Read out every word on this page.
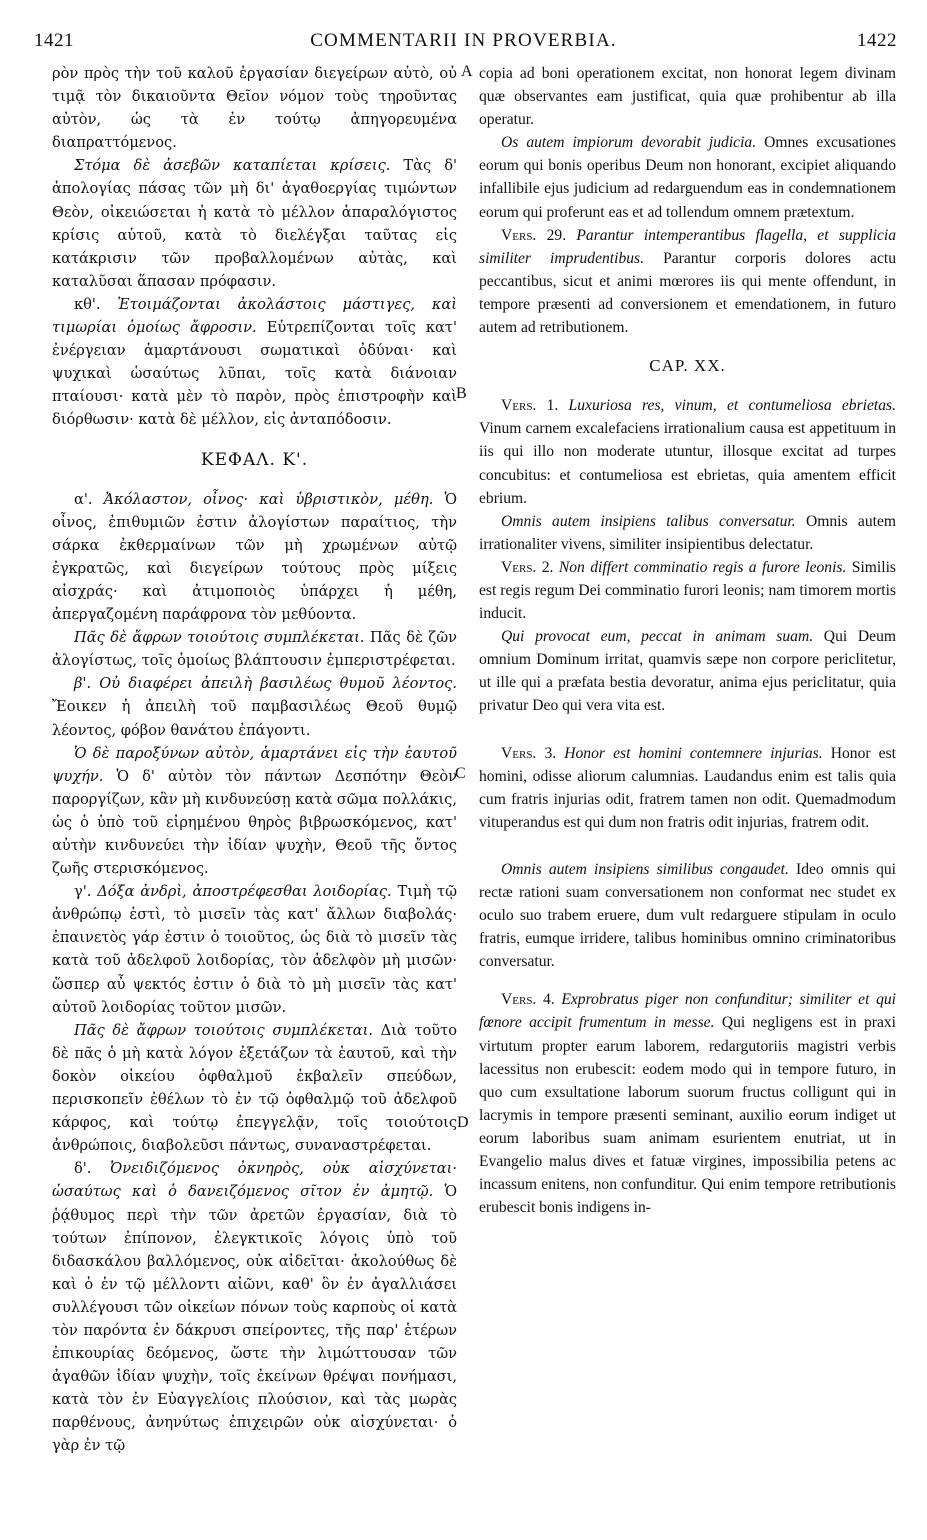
1421	COMMENTARII IN PROVERBIA.	1422
A
B
C
D

ρὸν πρὸς τὴν τοῦ καλοῦ ἐργασίαν διεγείρων αὐτὸ, οὐ τιμᾷ τὸν δικαιοῦντα Θεῖον νόμον τοὺς τηροῦντας αὐτὸν, ὡς τὰ ἐν τούτῳ ἀπηγορευμένα διαπραττόμενος.

Στόμα δὲ ἀσεβῶν καταπίεται κρίσεις. Τὰς δ' ἀπολογίας πάσας τῶν μὴ δι' ἀγαθοεργίας τιμώντων Θεὸν, οἰκειώσεται ἡ κατὰ τὸ μέλλον ἀπαραλόγιστος κρίσις αὐτοῦ, κατὰ τὸ διελέγξαι ταῦτας εἰς κατάκρισιν τῶν προβαλλομένων αὐτὰς, καὶ καταλῦσαι ἅπασαν πρόφασιν.

κθ'. Ἑτοιμάζονται ἀκολάστοις μάστιγες, καὶ τιμωρίαι ὁμοίως ἄφροσιν. Εὐτρεπίζονται τοῖς κατ' ἐνέργειαν ἁμαρτάνουσι σωματικαὶ ὀδύναι· καὶ ψυχικαὶ ὡσαύτως λῦπαι, τοῖς κατὰ διάνοιαν πταίουσι· κατὰ μὲν τὸ παρὸν, πρὸς ἐπιστροφὴν καὶ διόρθωσιν· κατὰ δὲ μέλλον, εἰς ἀνταπόδοσιν.

ΚΕΦΑΛ. Κ'.

α'. Ἀκόλαστον, οἶνος· καὶ ὑβριστικὸν, μέθη. Ὁ οἶνος, ἐπιθυμιῶν ἐστιν ἀλογίστων παραίτιος, τὴν σάρκα ἐκθερμαίνων τῶν μὴ χρωμένων αὐτῷ ἐγκρατῶς, καὶ διεγείρων τούτους πρὸς μίξεις αἰσχράς· καὶ ἀτιμοποιὸς ὑπάρχει ἡ μέθη, ἀπεργαζομένη παράφρονα τὸν μεθύοντα.

Πᾶς δὲ ἄφρων τοιούτοις συμπλέκεται. Πᾶς δὲ ζῶν ἀλογίστως, τοῖς ὁμοίως βλάπτουσιν ἐμπεριστρέφεται.

β'. Οὐ διαφέρει ἀπειλὴ βασιλέως θυμοῦ λέοντος. Ἔοικεν ἡ ἀπειλὴ τοῦ παμβασιλέως Θεοῦ θυμῷ λέοντος, φόβον θανάτου ἐπάγοντι.

Ὁ δὲ παροξύνων αὐτὸν, ἁμαρτάνει εἰς τὴν ἑαυτοῦ ψυχήν. Ὁ δ' αὐτὸν τὸν πάντων Δεσπότην Θεὸν παροργίζων, κἂν μὴ κινδυνεύσῃ κατὰ σῶμα πολλάκις, ὡς ὁ ὑπὸ τοῦ εἰρημένου θηρὸς βιβρωσκόμενος, κατ' αὐτὴν κινδυνεύει τὴν ἰδίαν ψυχὴν, Θεοῦ τῆς ὄντος ζωῆς στερισκόμενος.

γ'. Δόξα ἀνδρὶ, ἀποστρέφεσθαι λοιδορίας. Τιμὴ τῷ ἀνθρώπῳ ἐστὶ, τὸ μισεῖν τὰς κατ' ἄλλων διαβολάς· ἐπαινετὸς γάρ ἐστιν ὁ τοιοῦτος, ὡς διὰ τὸ μισεῖν τὰς κατὰ τοῦ ἀδελφοῦ λοιδορίας, τὸν ἀδελφὸν μὴ μισῶν· ὥσπερ αὖ ψεκτός ἐστιν ὁ διὰ τὸ μὴ μισεῖν τὰς κατ' αὐτοῦ λοιδορίας τοῦτον μισῶν.

Πᾶς δὲ ἄφρων τοιούτοις συμπλέκεται. Διὰ τοῦτο δὲ πᾶς ὁ μὴ κατὰ λόγον ἐξετάζων τὰ ἑαυτοῦ, καὶ τὴν δοκὸν οἰκείου ὀφθαλμοῦ ἐκβαλεῖν σπεύδων, περισκοπεῖν ἐθέλων τὸ ἐν τῷ ὀφθαλμῷ τοῦ ἀδελφοῦ κάρφος, καὶ τούτῳ ἐπεγγελᾷν, τοῖς τοιούτοις ἀνθρώποις, διαβολεῦσι πάντως, συναναστρέφεται.

δ'. Ὀνειδιζόμενος ὀκνηρὸς, οὐκ αἰσχύνεται· ὡσαύτως καὶ ὁ δανειζόμενος σῖτον ἐν ἀμητῷ. Ὁ ῥᾴθυμος περὶ τὴν τῶν ἀρετῶν ἐργασίαν, διὰ τὸ τούτων ἐπίπονον, ἐλεγκτικοῖς λόγοις ὑπὸ τοῦ διδασκάλου βαλλόμενος, οὐκ αἰδεῖται· ἀκολούθως δὲ καὶ ὁ ἐν τῷ μέλλοντι αἰῶνι, καθ' ὃν ἐν ἀγαλλιάσει συλλέγουσι τῶν οἰκείων πόνων τοὺς καρποὺς οἱ κατὰ τὸν παρόντα ἐν δάκρυσι σπείροντες, τῆς παρ' ἑτέρων ἐπικουρίας δεόμενος, ὥστε τὴν λιμώττουσαν τῶν ἀγαθῶν ἰδίαν ψυχὴν, τοῖς ἐκείνων θρέψαι πονήμασι, κατὰ τὸν ἐν Εὐαγγελίοις πλούσιον, καὶ τὰς μωρὰς παρθένους, ἀνηνύτως ἐπιχειρῶν οὐκ αἰσχύνεται· ὁ γὰρ ἐν τῷ

copia ad boni operationem excitat, non honorat legem divinam quæ observantes eam justificat, quia quæ prohibentur ab illa operatur.

Os autem impiorum devorabit judicia. Omnes excusationes eorum qui bonis operibus Deum non honorant, excipiet aliquando infallibile ejus judicium ad redarguendum eas in condemnationem eorum qui proferunt eas et ad tollendum omnem prætextum.

Vers. 29. Parantur intemperantibus flagella, et supplicia similiter imprudentibus. Parantur corporis dolores actu peccantibus, sicut et animi mœrores iis qui mente offendunt, in tempore præsenti ad conversionem et emendationem, in futuro autem ad retributionem.

CAP. XX.

Vers. 1. Luxuriosa res, vinum, et contumeliosa ebrietas. Vinum carnem excalefaciens irrationalium causa est appetituum in iis qui illo non moderate utuntur, illosque excitat ad turpes concubitus: et contumeliosa est ebrietas, quia amentem efficit ebrium.

Omnis autem insipiens talibus conversatur. Omnis autem irrationaliter vivens, similiter insipientibus delectatur.

Vers. 2. Non differt comminatio regis a furore leonis. Similis est regis regum Dei comminatio furori leonis; nam timorem mortis inducit.

Qui provocat eum, peccat in animam suam. Qui Deum omnium Dominum irritat, quamvis sæpe non corpore periclitetur, ut ille qui a præfata bestia devoratur, anima ejus periclitatur, quia privatur Deo qui vera vita est.

Vers. 3. Honor est homini contemnere injurias. Honor est homini, odisse aliorum calumnias. Laudandus enim est talis quia cum fratris injurias odit, fratrem tamen non odit. Quemadmodum vituperandus est qui dum non fratris odit injurias, fratrem odit.

Omnis autem insipiens similibus congaudet. Ideo omnis qui rectæ rationi suam conversationem non conformat nec studet ex oculo suo trabem eruere, dum vult redarguere stipulam in oculo fratris, eumque irridere, talibus hominibus omnino criminatoribus conversatur.

Vers. 4. Exprobratus piger non confunditur; similiter et qui fœnore accipit frumentum in messe. Qui negligens est in praxi virtutum propter earum laborem, redargutoriis magistri verbis lacessitus non erubescit: eodem modo qui in tempore futuro, in quo cum exsultatione laborum suorum fructus colligunt qui in lacrymis in tempore præsenti seminant, auxilio eorum indiget ut eorum laboribus suam animam esurientem enutriat, ut in Evangelio malus dives et fatuæ virgines, impossibilia petens ac incassum enitens, non confunditur. Qui enim tempore retributionis erubescit bonis indigens in-
